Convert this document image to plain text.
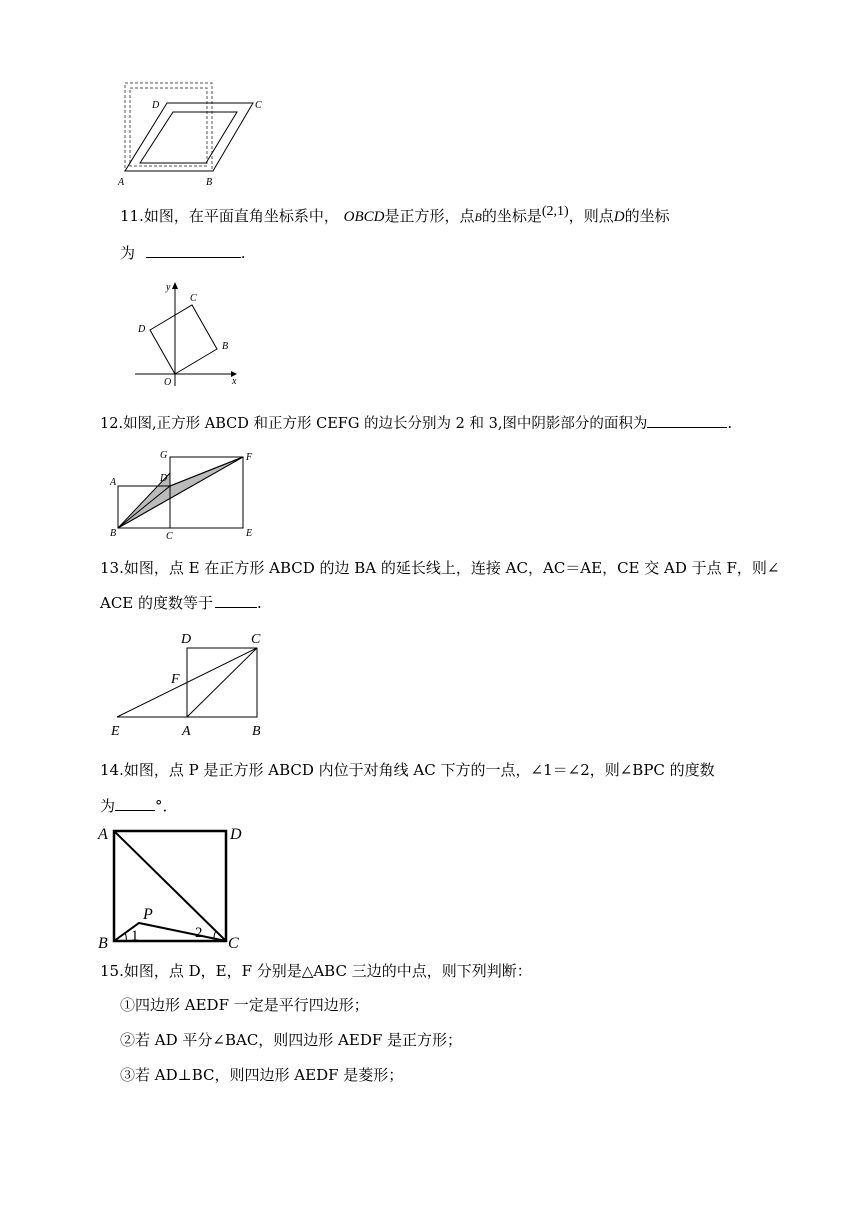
A	B
C
D
11.如图，在平面直角坐标系中， OBCD是正方形，点B的坐标是(2,1)，则点D的坐标
为	.
y
x
O
B
C
D
12.如图,正方形 ABCD 和正方形 CEFG 的边长分别为 2 和 3,图中阴影部分的面积为	.
A
B	C
D
E
F
G
13.如图，点 E 在正方形 ABCD 的边 BA 的延长线上，连接 AC，AC＝AE，CE 交 AD 于点 F，则∠
ACE 的度数等于	.
D	C
F
E	A	B
14.如图，点 P 是正方形 ABCD 内位于对角线 AC 下方的一点，∠1＝∠2，则∠BPC 的度数
为	°．
A	D
B	C
P
1	2
15.如图，点 D，E，F 分别是△ABC 三边的中点，则下列判断：
①四边形 AEDF 一定是平行四边形；
②若 AD 平分∠BAC，则四边形 AEDF 是正方形；
③若 AD⊥BC，则四边形 AEDF 是菱形；
